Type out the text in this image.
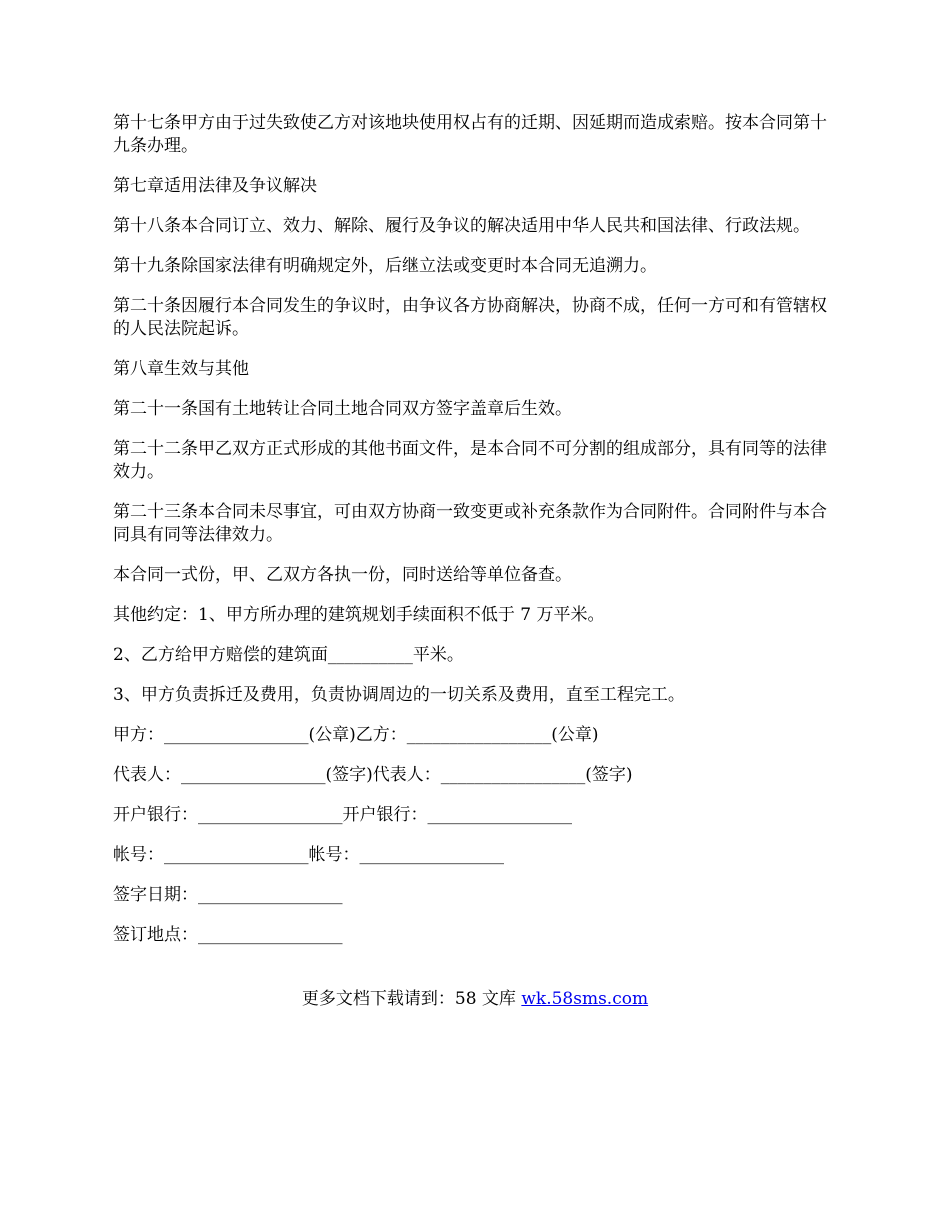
第十七条甲方由于过失致使乙方对该地块使用权占有的迁期、因延期而造成索赔。按本合同第十九条办理。

第七章适用法律及争议解决

第十八条本合同订立、效力、解除、履行及争议的解决适用中华人民共和国法律、行政法规。

第十九条除国家法律有明确规定外，后继立法或变更时本合同无追溯力。

第二十条因履行本合同发生的争议时，由争议各方协商解决，协商不成，任何一方可和有管辖权的人民法院起诉。

第八章生效与其他

第二十一条国有土地转让合同土地合同双方签字盖章后生效。

第二十二条甲乙双方正式形成的其他书面文件，是本合同不可分割的组成部分，具有同等的法律效力。

第二十三条本合同未尽事宜，可由双方协商一致变更或补充条款作为合同附件。合同附件与本合同具有同等法律效力。

本合同一式份，甲、乙双方各执一份，同时送给等单位备查。

其他约定：1、甲方所办理的建筑规划手续面积不低于 7 万平米。

2、乙方给甲方赔偿的建筑面__________平米。

3、甲方负责拆迁及费用，负责协调周边的一切关系及费用，直至工程完工。

甲方：_________________(公章)乙方：_________________(公章)

代表人：_________________(签字)代表人：_________________(签字)

开户银行：_________________开户银行：_________________

帐号：_________________帐号：_________________

签字日期：_________________

签订地点：_________________

更多文档下载请到：58 文库 wk.58sms.com
